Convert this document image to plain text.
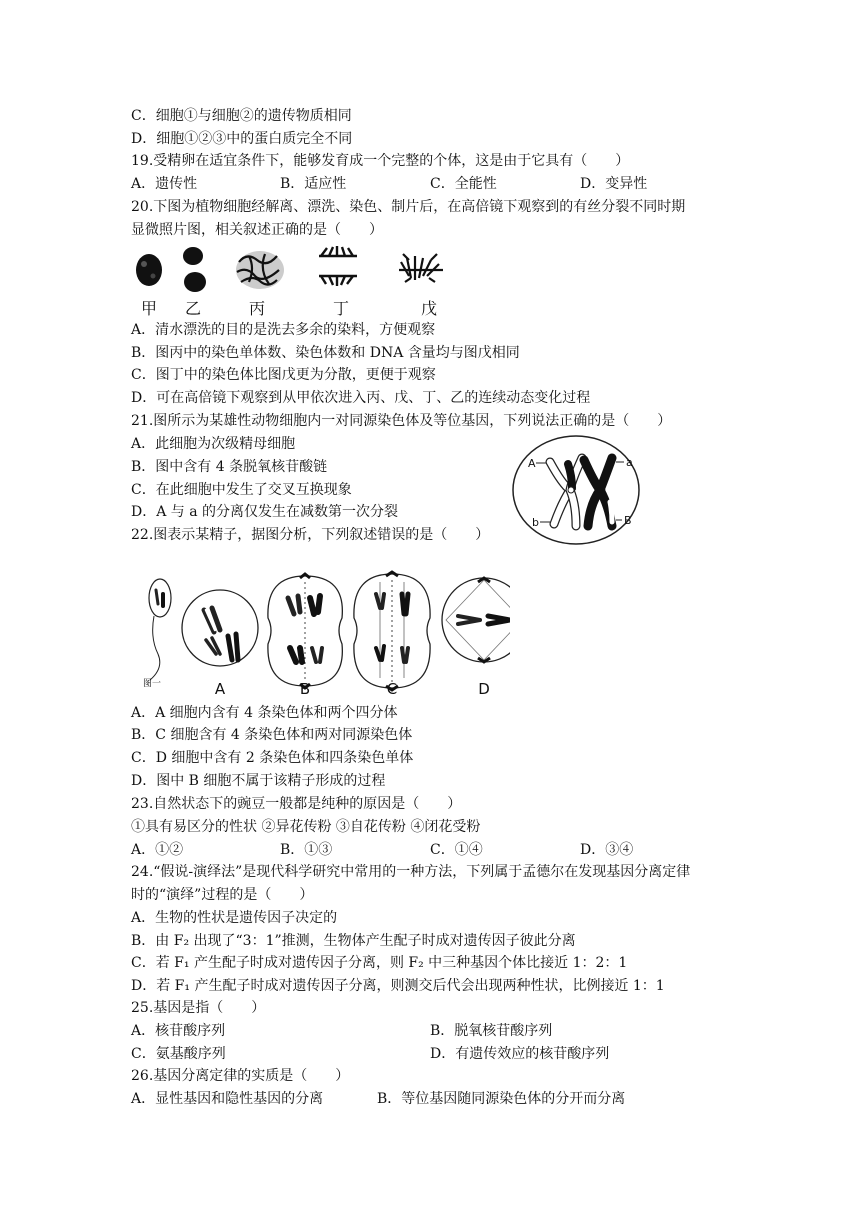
C．细胞①与细胞②的遗传物质相同
D．细胞①②③中的蛋白质完全不同
19.受精卵在适宜条件下，能够发育成一个完整的个体，这是由于它具有（　　）
A．遗传性	B．适应性	C．全能性	D．变异性
20.下图为植物细胞经解离、漂洗、染色、制片后，在高倍镜下观察到的有丝分裂不同时期
显微照片图，相关叙述正确的是（　　）
甲 乙	丙	丁	戊
A．清水漂洗的目的是洗去多余的染料，方便观察
B．图丙中的染色单体数、染色体数和 DNA 含量均与图戊相同
C．图丁中的染色体比图戊更为分散，更便于观察
D．可在高倍镜下观察到从甲依次进入丙、戊、丁、乙的连续动态变化过程
21.图所示为某雄性动物细胞内一对同源染色体及等位基因，下列说法正确的是（　　）
A．此细胞为次级精母细胞
B．图中含有 4 条脱氧核苷酸链
C．在此细胞中发生了交叉互换现象
D．A 与 a 的分离仅发生在减数第一次分裂
A	a
b	B
22.图表示某精子，据图分析，下列叙述错误的是（　　）
图一	A	B	C	D
A．A 细胞内含有 4 条染色体和两个四分体
B．C 细胞含有 4 条染色体和两对同源染色体
C．D 细胞中含有 2 条染色体和四条染色单体
D．图中 B 细胞不属于该精子形成的过程
23.自然状态下的豌豆一般都是纯种的原因是（　　）
①具有易区分的性状 ②异花传粉 ③自花传粉 ④闭花受粉
A．①②	B．①③	C．①④	D．③④
24.“假说-演绎法”是现代科学研究中常用的一种方法，下列属于孟德尔在发现基因分离定律
时的“演绎”过程的是（　　）
A．生物的性状是遗传因子决定的
B．由 F₂ 出现了“3：1”推测，生物体产生配子时成对遗传因子彼此分离
C．若 F₁ 产生配子时成对遗传因子分离，则 F₂ 中三种基因个体比接近 1：2：1
D．若 F₁ 产生配子时成对遗传因子分离，则测交后代会出现两种性状，比例接近 1：1
25.基因是指（　　）
A．核苷酸序列	B．脱氧核苷酸序列
C．氨基酸序列	D．有遗传效应的核苷酸序列
26.基因分离定律的实质是（　　）
A．显性基因和隐性基因的分离	B．等位基因随同源染色体的分开而分离
